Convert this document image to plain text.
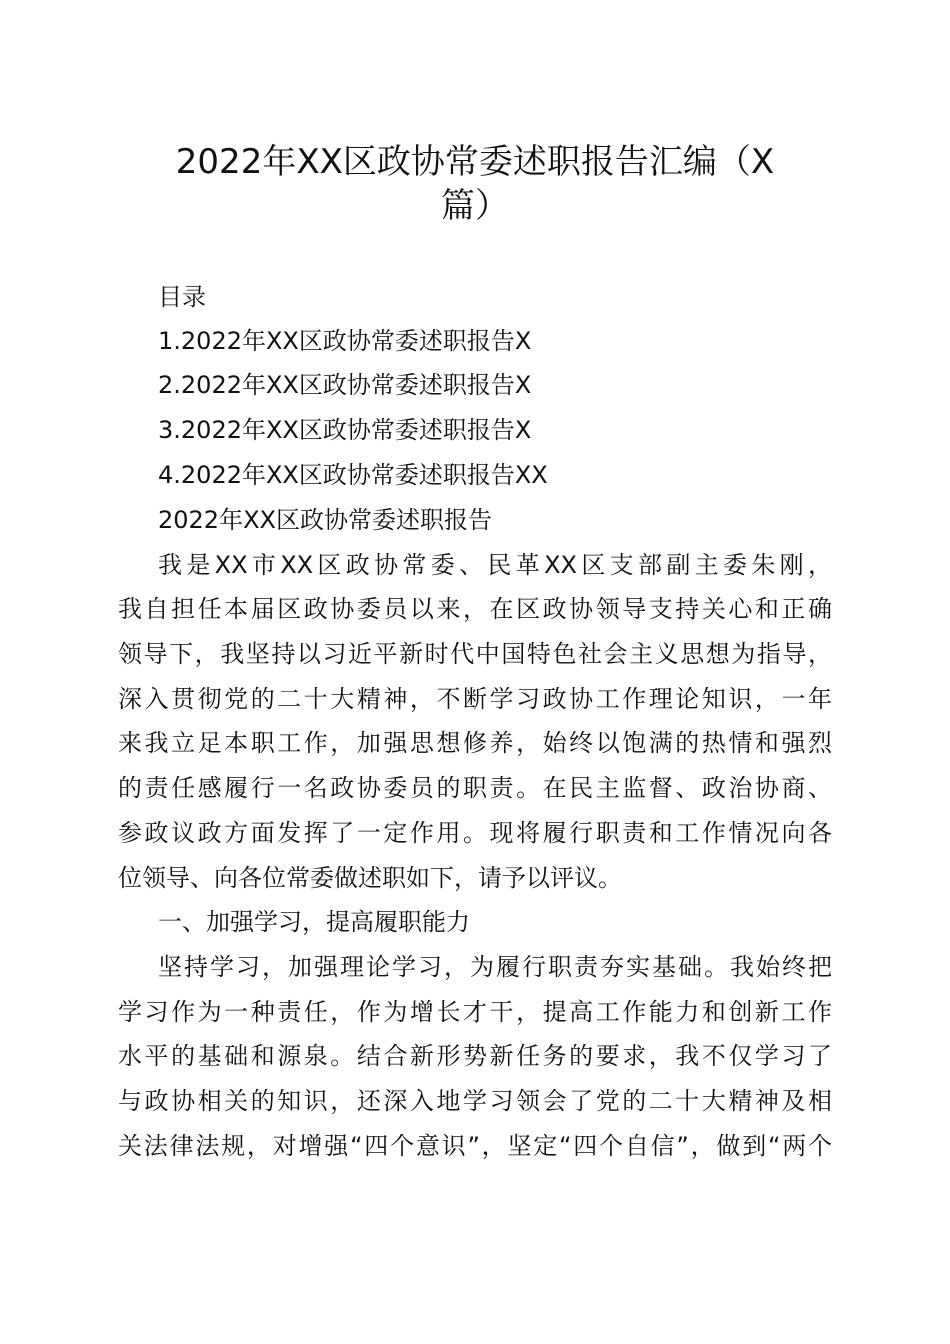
2022年XX区政协常委述职报告汇编（X
篇）

目录

1.2022年XX区政协常委述职报告X

2.2022年XX区政协常委述职报告X

3.2022年XX区政协常委述职报告X

4.2022年XX区政协常委述职报告XX

2022年XX区政协常委述职报告

我是XX市XX区政协常委、民革XX区支部副主委朱刚，

我自担任本届区政协委员以来，在区政协领导支持关心和正确

领导下，我坚持以习近平新时代中国特色社会主义思想为指导，

深入贯彻党的二十大精神，不断学习政协工作理论知识，一年

来我立足本职工作，加强思想修养，始终以饱满的热情和强烈

的责任感履行一名政协委员的职责。在民主监督、政治协商、

参政议政方面发挥了一定作用。现将履行职责和工作情况向各

位领导、向各位常委做述职如下，请予以评议。

一、加强学习，提高履职能力

坚持学习，加强理论学习，为履行职责夯实基础。我始终把

学习作为一种责任，作为增长才干，提高工作能力和创新工作

水平的基础和源泉。结合新形势新任务的要求，我不仅学习了

与政协相关的知识，还深入地学习领会了党的二十大精神及相

关法律法规，对增强“四个意识”，坚定“四个自信”，做到“两个
